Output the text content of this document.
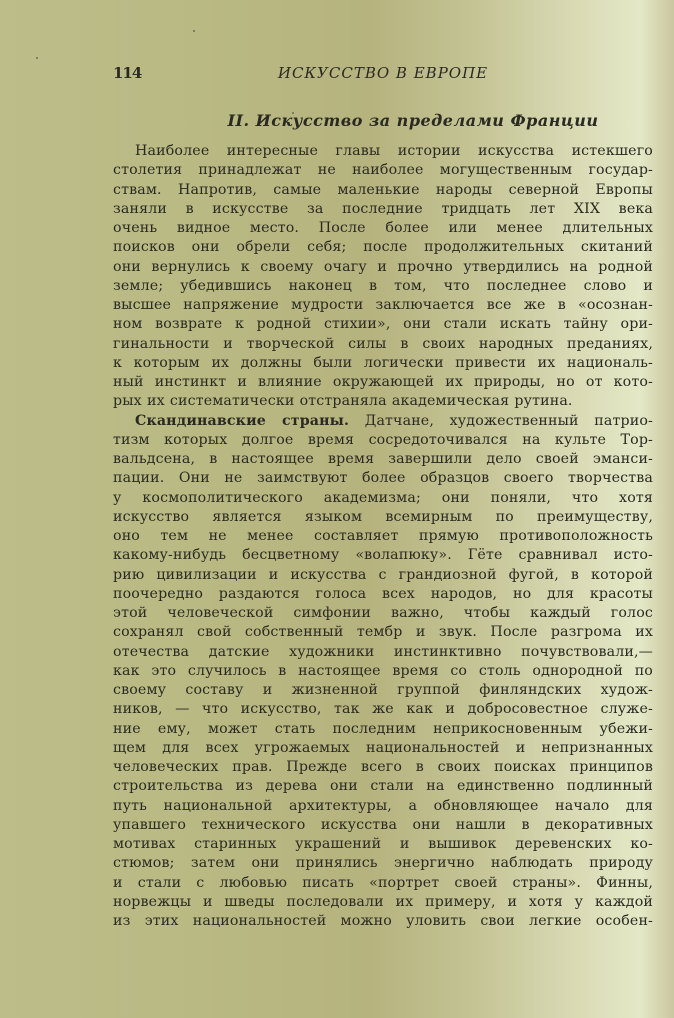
114	ИСКУССТВО В ЕВРОПЕ
II. Искусство за пределами Франции
Наиболее интересные главы истории искусства истекшего
столетия принадлежат не наиболее могущественным государ-
ствам. Напротив, самые маленькие народы северной Европы
заняли в искусстве за последние тридцать лет XIX века
очень видное место. После более или менее длительных
поисков они обрели себя; после продолжительных скитаний
они вернулись к своему очагу и прочно утвердились на родной
земле; убедившись наконец в том, что последнее слово и
высшее напряжение мудрости заключается все же в «осознан-
ном возврате к родной стихии», они стали искать тайну ори-
гинальности и творческой силы в своих народных преданиях,
к которым их должны были логически привести их националь-
ный инстинкт и влияние окружающей их природы, но от кото-
рых их систематически отстраняла академическая рутина.
Скандинавские страны. Датчане, художественный патрио-
тизм которых долгое время сосредоточивался на культе Тор-
вальдсена, в настоящее время завершили дело своей эманси-
пации. Они не заимствуют более образцов своего творчества
у космополитического академизма; они поняли, что хотя
искусство является языком всемирным по преимуществу,
оно тем не менее составляет прямую противоположность
какому-нибудь бесцветному «волапюку». Гёте сравнивал исто-
рию цивилизации и искусства с грандиозной фугой, в которой
поочередно раздаются голоса всех народов, но для красоты
этой человеческой симфонии важно, чтобы каждый голос
сохранял свой собственный тембр и звук. После разгрома их
отечества датские художники инстинктивно почувствовали,—
как это случилось в настоящее время со столь однородной по
своему составу и жизненной группой финляндских худож-
ников, — что искусство, так же как и добросовестное служе-
ние ему, может стать последним неприкосновенным убежи-
щем для всех угрожаемых национальностей и непризнанных
человеческих прав. Прежде всего в своих поисках принципов
строительства из дерева они стали на единственно подлинный
путь национальной архитектуры, а обновляющее начало для
упавшего технического искусства они нашли в декоративных
мотивах старинных украшений и вышивок деревенских ко-
стюмов; затем они принялись энергично наблюдать природу
и стали с любовью писать «портрет своей страны». Финны,
норвежцы и шведы последовали их примеру, и хотя у каждой
из этих национальностей можно уловить свои легкие особен-
